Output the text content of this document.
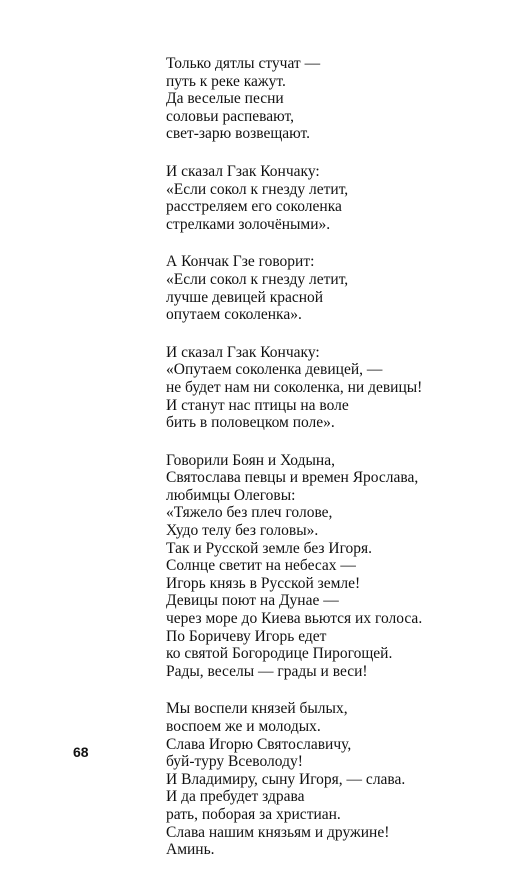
Только дятлы стучат —
путь к реке кажут.
Да веселые песни
соловьи распевают,
свет-зарю возвещают.
И сказал Гзак Кончаку:
«Если сокол к гнезду летит,
расстреляем его соколенка
стрелками золочёными».
А Кончак Гзе говорит:
«Если сокол к гнезду летит,
лучше девицей красной
опутаем соколенка».
И сказал Гзак Кончаку:
«Опутаем соколенка девицей, —
не будет нам ни соколенка, ни девицы!
И станут нас птицы на воле
бить в половецком поле».
Говорили Боян и Ходына,
Святослава певцы и времен Ярослава,
любимцы Олеговы:
«Тяжело без плеч голове,
Худо телу без головы».
Так и Русской земле без Игоря.
Солнце светит на небесах —
Игорь князь в Русской земле!
Девицы поют на Дунае —
через море до Киева вьются их голоса.
По Боричеву Игорь едет
ко святой Богородице Пирогощей.
Рады, веселы — грады и веси!
Мы воспели князей былых,
воспоем же и молодых.
Слава Игорю Святославичу,
буй-туру Всеволоду!
И Владимиру, сыну Игоря, — слава.
И да пребудет здрава
рать, поборая за христиан.
Слава нашим князьям и дружине!
Аминь.
68
